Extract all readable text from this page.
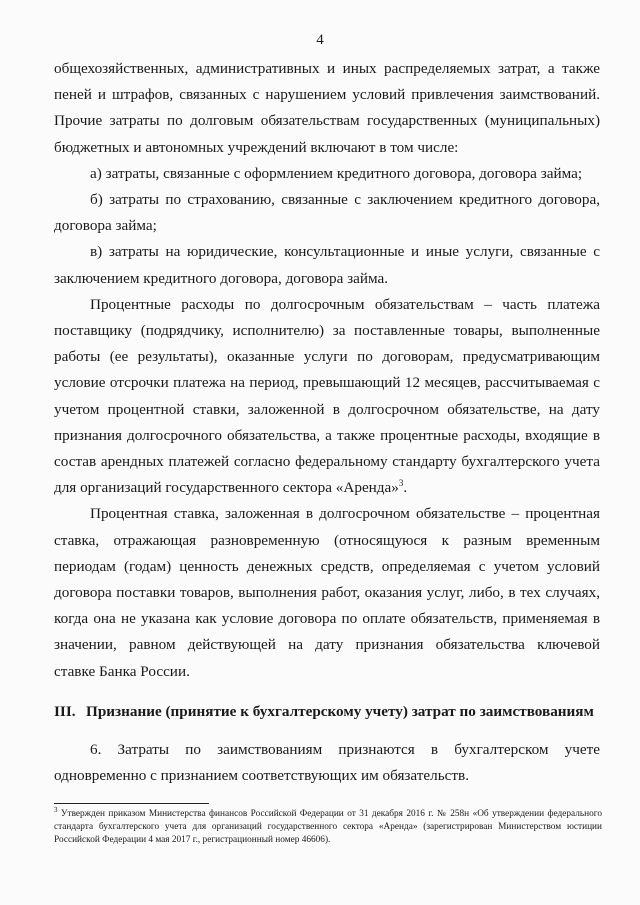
4

общехозяйственных, административных и иных распределяемых затрат, а также пеней и штрафов, связанных с нарушением условий привлечения заимствований. Прочие затраты по долговым обязательствам государственных (муниципальных) бюджетных и автономных учреждений включают в том числе:

а) затраты, связанные с оформлением кредитного договора, договора займа;

б) затраты по страхованию, связанные с заключением кредитного договора, договора займа;

в) затраты на юридические, консультационные и иные услуги, связанные с заключением кредитного договора, договора займа.

Процентные расходы по долгосрочным обязательствам – часть платежа поставщику (подрядчику, исполнителю) за поставленные товары, выполненные работы (ее результаты), оказанные услуги по договорам, предусматривающим условие отсрочки платежа на период, превышающий 12 месяцев, рассчитываемая с учетом процентной ставки, заложенной в долгосрочном обязательстве, на дату признания долгосрочного обязательства, а также процентные расходы, входящие в состав арендных платежей согласно федеральному стандарту бухгалтерского учета для организаций государственного сектора «Аренда»$^3$.

Процентная ставка, заложенная в долгосрочном обязательстве – процентная ставка, отражающая разновременную (относящуюся к разным временным периодам (годам) ценность денежных средств, определяемая с учетом условий договора поставки товаров, выполнения работ, оказания услуг, либо, в тех случаях, когда она не указана как условие договора по оплате обязательств, применяемая в значении, равном действующей на дату признания обязательства ключевой

ставке Банка России.

III. Признание (принятие к бухгалтерскому учету) затрат по заимствованиям

6. Затраты по заимствованиям признаются в бухгалтерском учете

одновременно с признанием соответствующих им обязательств.

$^3$ Утвержден приказом Министерства финансов Российской Федерации от 31 декабря 2016 г. № 258н «Об утверждении федерального стандарта бухгалтерского учета для организаций государственного сектора «Аренда» (зарегистрирован Министерством юстиции Российской Федерации 4 мая 2017 г., регистрационный номер 46606).
